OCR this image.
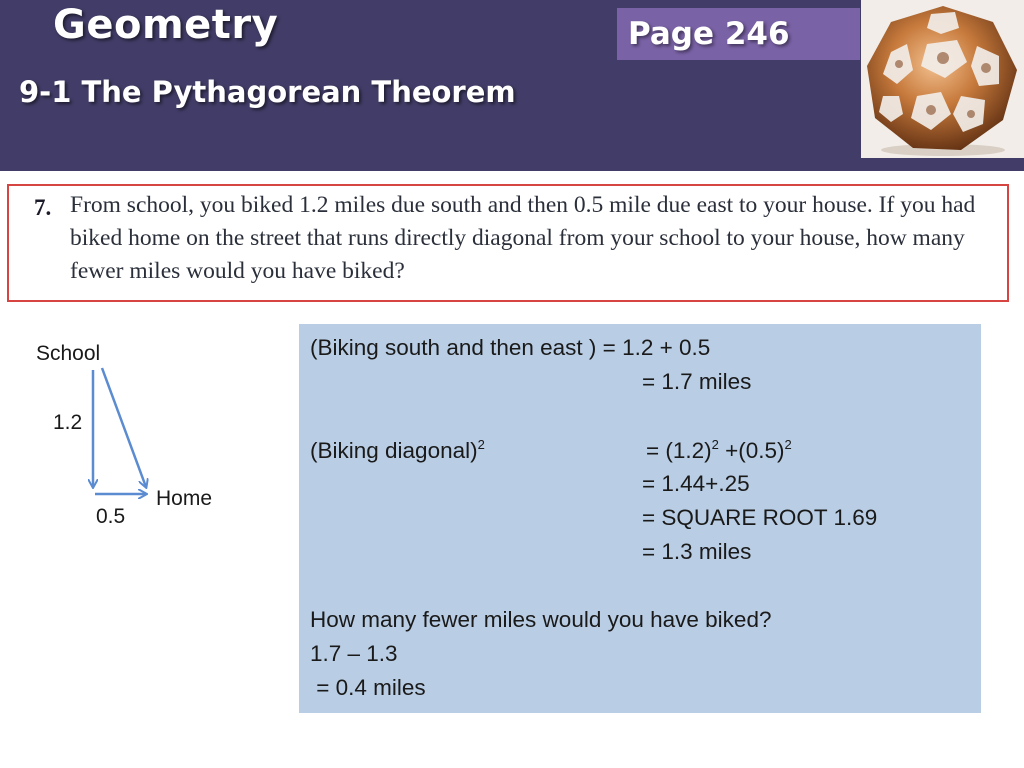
Geometry
9-1 The Pythagorean Theorem
Page 246
7. From school, you biked 1.2 miles due south and then 0.5 mile due east to your house. If you had biked home on the street that runs directly diagonal from your school to your house, how many fewer miles would you have biked?

School
1.2
Home
0.5
(Biking south and then east ) = 1.2 + 0.5
= 1.7 miles
(Biking diagonal)$^2$	= $(1.2)^2 +(0.5)^2$
= 1.44+.25
= SQUARE ROOT 1.69
= 1.3 miles
How many fewer miles would you have biked?
1.7 – 1.3
= 0.4 miles
